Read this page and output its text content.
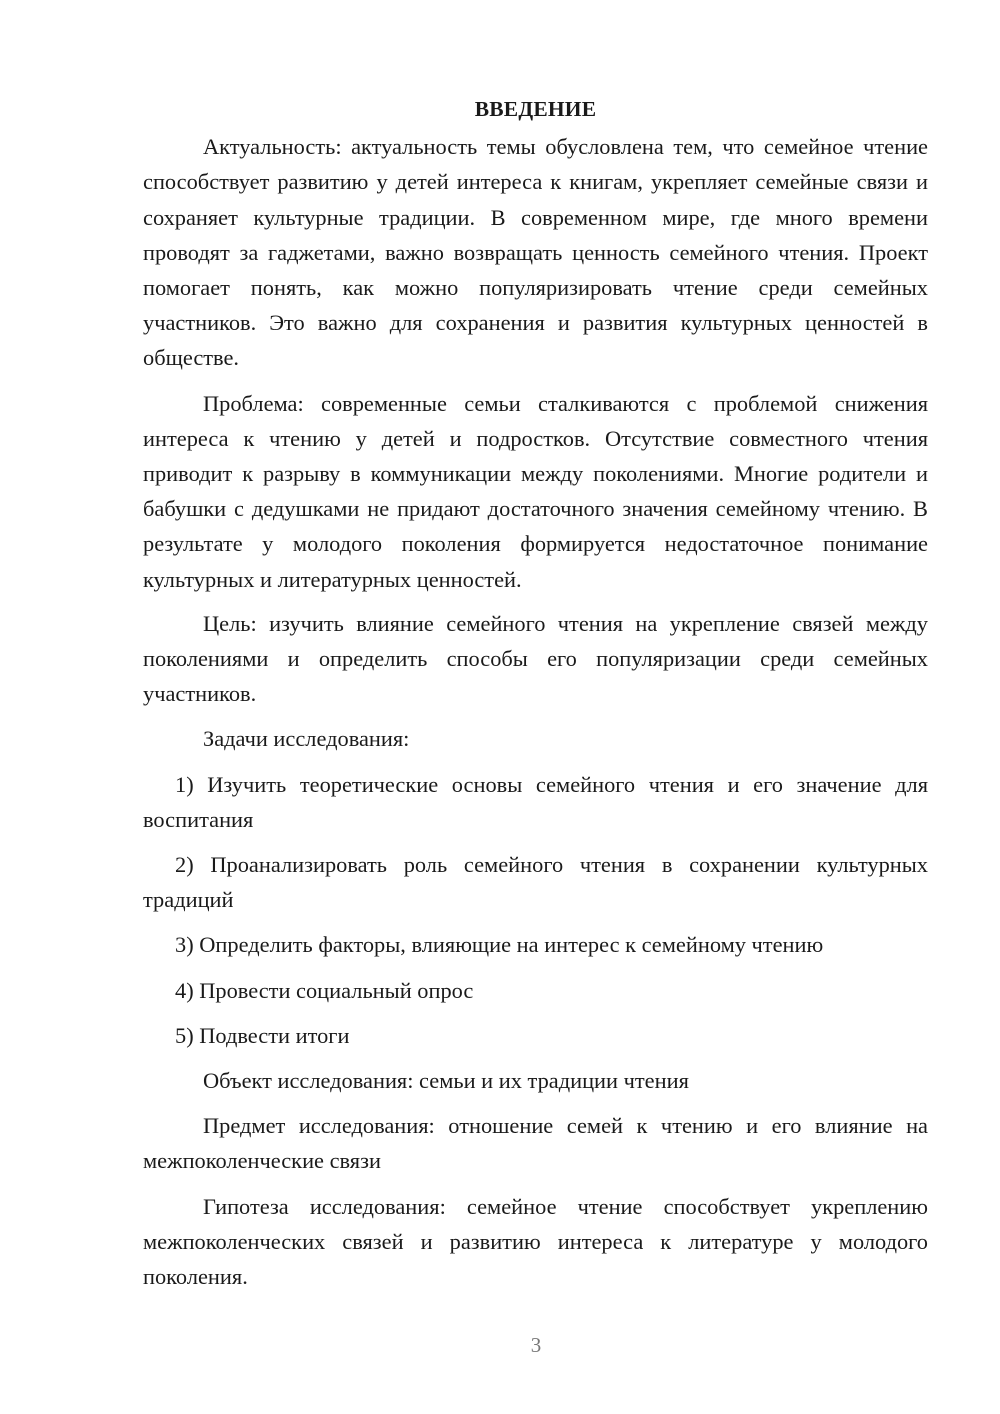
ВВЕДЕНИЕ

Актуальность: актуальность темы обусловлена тем, что семейное чтение способствует развитию у детей интереса к книгам, укрепляет семейные связи и сохраняет культурные традиции. В современном мире, где много времени проводят за гаджетами, важно возвращать ценность семейного чтения. Проект помогает понять, как можно популяризировать чтение среди семейных участников. Это важно для сохранения и развития культурных ценностей в обществе.

Проблема: современные семьи сталкиваются с проблемой снижения интереса к чтению у детей и подростков. Отсутствие совместного чтения приводит к разрыву в коммуникации между поколениями. Многие родители и бабушки с дедушками не придают достаточного значения семейному чтению. В результате у молодого поколения формируется недостаточное понимание культурных и литературных ценностей.

Цель: изучить влияние семейного чтения на укрепление связей между поколениями и определить способы его популяризации среди семейных участников.

Задачи исследования:

1) Изучить теоретические основы семейного чтения и его значение для воспитания

2) Проанализировать роль семейного чтения в сохранении культурных традиций

3) Определить факторы, влияющие на интерес к семейному чтению

4) Провести социальный опрос

5) Подвести итоги

Объект исследования: семьи и их традиции чтения

Предмет исследования: отношение семей к чтению и его влияние на межпоколенческие связи

Гипотеза исследования: семейное чтение способствует укреплению межпоколенческих связей и развитию интереса к литературе у молодого поколения.

3
